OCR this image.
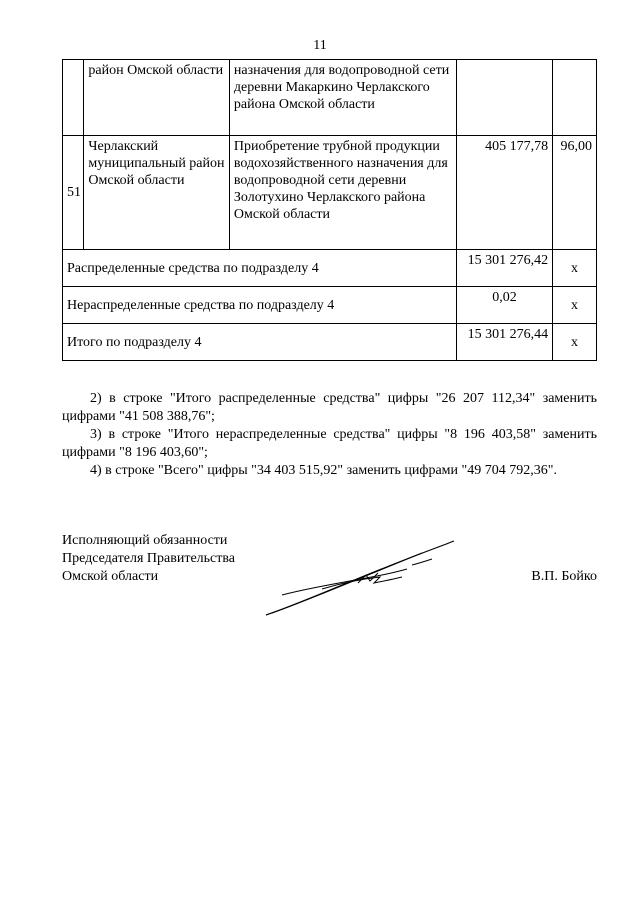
11
	район Омской области	назначения для водопроводной сети деревни Макаркино Черлакского района Омской области		
51	Черлакский муниципальный район Омской области	Приобретение трубной продукции водохозяйственного назначения для водопроводной сети деревни Золотухино Черлакского района Омской области	405 177,78	96,00
Распределенные средства по подразделу 4			15 301 276,42	x
Нераспределенные средства по подразделу 4			0,02	x
Итого по подразделу 4			15 301 276,44	x

2) в строке "Итого распределенные средства" цифры "26 207 112,34" заменить цифрами "41 508 388,76";

3) в строке "Итого нераспределенные средства" цифры "8 196 403,58" заменить цифрами "8 196 403,60";

4) в строке "Всего" цифры "34 403 515,92" заменить цифрами "49 704 792,36".

Исполняющий обязанности
Председателя Правительства
Омской области	В.П. Бойко
